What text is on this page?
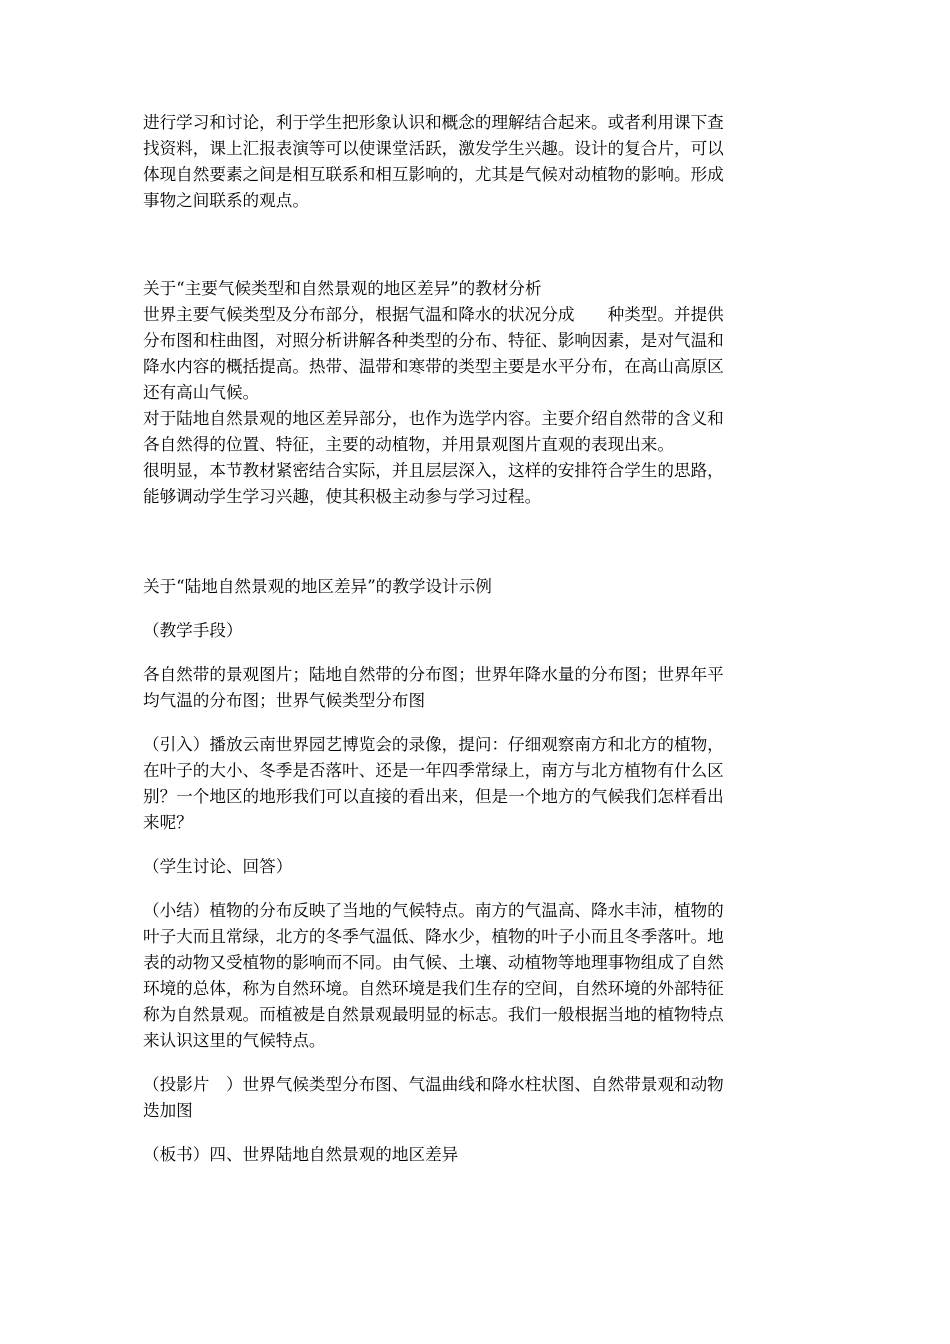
进行学习和讨论，利于学生把形象认识和概念的理解结合起来。或者利用课下查
找资料，课上汇报表演等可以使课堂活跃，激发学生兴趣。设计的复合片，可以
体现自然要素之间是相互联系和相互影响的，尤其是气候对动植物的影响。形成
事物之间联系的观点。

关于“主要气候类型和自然景观的地区差异”的教材分析

世界主要气候类型及分布部分，根据气温和降水的状况分成　　种类型。并提供
分布图和柱曲图，对照分析讲解各种类型的分布、特征、影响因素，是对气温和
降水内容的概括提高。热带、温带和寒带的类型主要是水平分布，在高山高原区
还有高山气候。

对于陆地自然景观的地区差异部分，也作为选学内容。主要介绍自然带的含义和
各自然得的位置、特征，主要的动植物，并用景观图片直观的表现出来。

很明显，本节教材紧密结合实际，并且层层深入，这样的安排符合学生的思路，
能够调动学生学习兴趣，使其积极主动参与学习过程。

关于“陆地自然景观的地区差异”的教学设计示例

（教学手段）

各自然带的景观图片；陆地自然带的分布图；世界年降水量的分布图；世界年平
均气温的分布图；世界气候类型分布图

（引入）播放云南世界园艺博览会的录像，提问：仔细观察南方和北方的植物，
在叶子的大小、冬季是否落叶、还是一年四季常绿上，南方与北方植物有什么区
别？一个地区的地形我们可以直接的看出来，但是一个地方的气候我们怎样看出
来呢？

（学生讨论、回答）

（小结）植物的分布反映了当地的气候特点。南方的气温高、降水丰沛，植物的
叶子大而且常绿，北方的冬季气温低、降水少，植物的叶子小而且冬季落叶。地
表的动物又受植物的影响而不同。由气候、土壤、动植物等地理事物组成了自然
环境的总体，称为自然环境。自然环境是我们生存的空间，自然环境的外部特征
称为自然景观。而植被是自然景观最明显的标志。我们一般根据当地的植物特点
来认识这里的气候特点。

（投影片　）世界气候类型分布图、气温曲线和降水柱状图、自然带景观和动物
迭加图

（板书）四、世界陆地自然景观的地区差异
